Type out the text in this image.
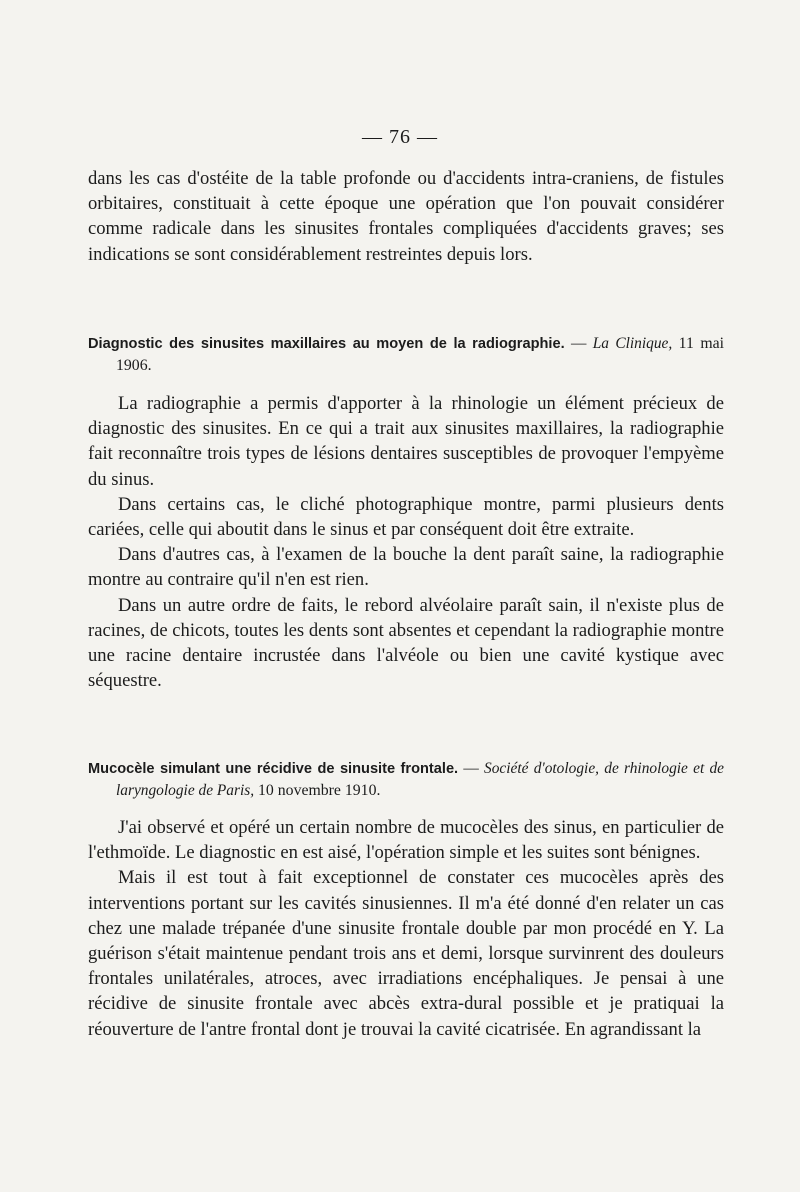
— 76 —

dans les cas d'ostéite de la table profonde ou d'accidents intra-craniens, de fistules orbitaires, constituait à cette époque une opération que l'on pouvait considérer comme radicale dans les sinusites frontales compliquées d'accidents graves; ses indications se sont considérablement restreintes depuis lors.

Diagnostic des sinusites maxillaires au moyen de la radiographie. — La Clinique, 11 mai 1906.

La radiographie a permis d'apporter à la rhinologie un élément précieux de diagnostic des sinusites. En ce qui a trait aux sinusites maxillaires, la radiographie fait reconnaître trois types de lésions dentaires susceptibles de provoquer l'empyème du sinus.

Dans certains cas, le cliché photographique montre, parmi plusieurs dents cariées, celle qui aboutit dans le sinus et par conséquent doit être extraite.

Dans d'autres cas, à l'examen de la bouche la dent paraît saine, la radiographie montre au contraire qu'il n'en est rien.

Dans un autre ordre de faits, le rebord alvéolaire paraît sain, il n'existe plus de racines, de chicots, toutes les dents sont absentes et cependant la radiographie montre une racine dentaire incrustée dans l'alvéole ou bien une cavité kystique avec séquestre.

Mucocèle simulant une récidive de sinusite frontale. — Société d'otologie, de rhinologie et de laryngologie de Paris, 10 novembre 1910.

J'ai observé et opéré un certain nombre de mucocèles des sinus, en particulier de l'ethmoïde. Le diagnostic en est aisé, l'opération simple et les suites sont bénignes.

Mais il est tout à fait exceptionnel de constater ces mucocèles après des interventions portant sur les cavités sinusiennes. Il m'a été donné d'en relater un cas chez une malade trépanée d'une sinusite frontale double par mon procédé en Y. La guérison s'était maintenue pendant trois ans et demi, lorsque survinrent des douleurs frontales unilatérales, atroces, avec irradiations encéphaliques. Je pensai à une récidive de sinusite frontale avec abcès extra-dural possible et je pratiquai la réouverture de l'antre frontal dont je trouvai la cavité cicatrisée. En agrandissant la
